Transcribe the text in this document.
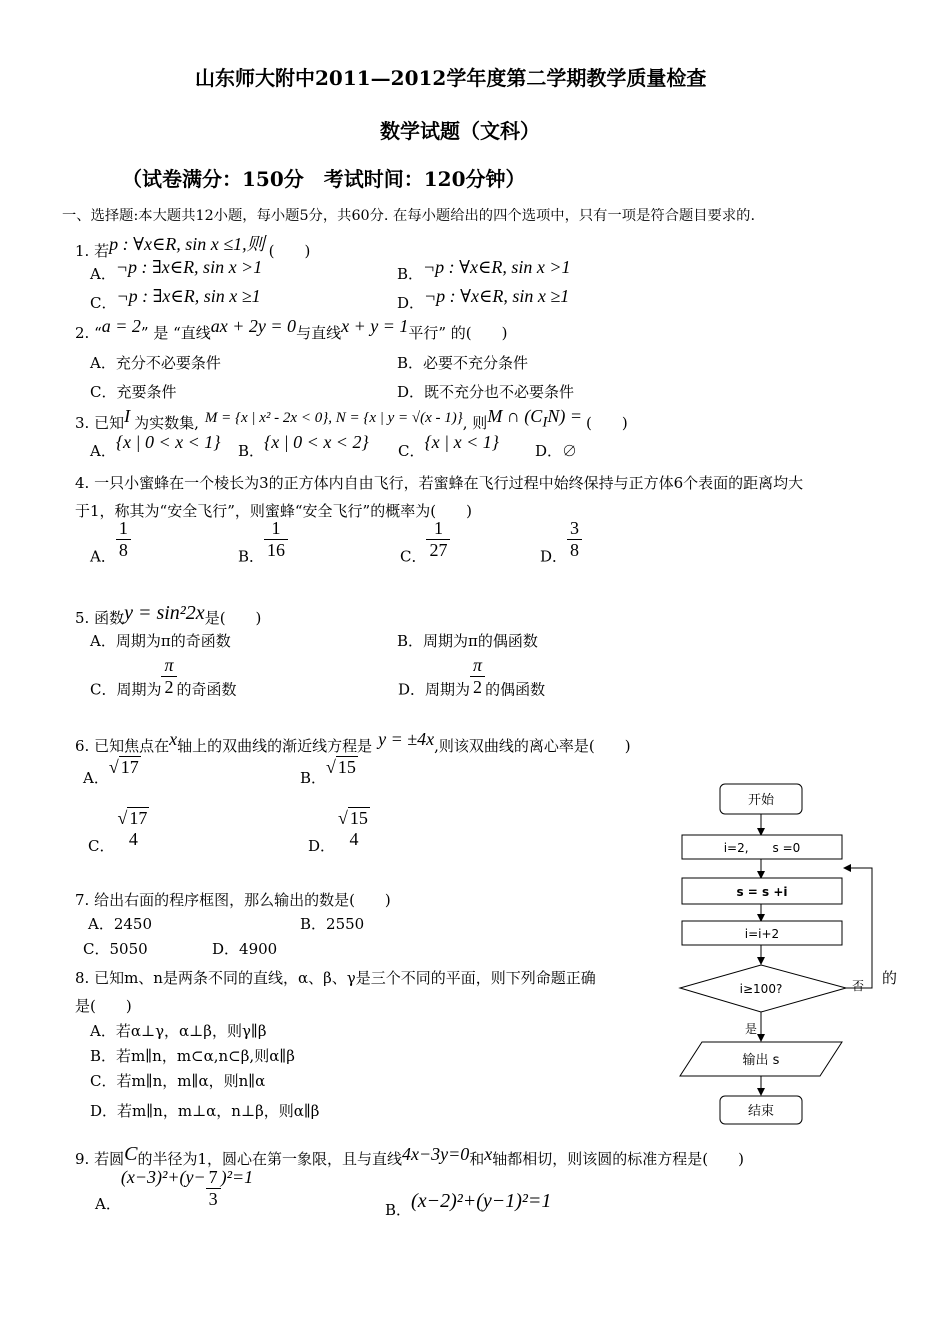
山东师大附中2011—2012学年度第二学期教学质量检查
数学试题（文科）
（试卷满分：150分　考试时间：120分钟）
一、选择题:本大题共12小题，每小题5分，共60分. 在每小题给出的四个选项中，只有一项是符合题目要求的.
1. 若p : ∀x∈R, sin x ≤1,则 (　　)
A．¬p : ∃x∈R, sin x >1	B．¬p : ∀x∈R, sin x >1
C．¬p : ∃x∈R, sin x ≥1	D．¬p : ∀x∈R, sin x ≥1
2. “a = 2” 是 “直线ax + 2y = 0与直线x + y = 1平行” 的(　　)
A．充分不必要条件	B．必要不充分条件
C．充要条件	D．既不充分也不必要条件
3. 已知I 为实数集, M = {x | x² - 2x < 0}, N = {x | y = √(x - 1)}, 则M ∩ $(C_IN)$ = (　　)
A．{x | 0 < x < 1} B．{x | 0 < x < 2} C．{x | x < 1} D．∅
4. 一只小蜜蜂在一个棱长为3的正方体内自由飞行，若蜜蜂在飞行过程中始终保持与正方体6个表面的距离均大
于1，称其为“安全飞行”，则蜜蜂“安全飞行”的概率为(　　)
A． $\frac{1}{8}$	B． $\frac{1}{16}$	C． $\frac{1}{27}$	D． $\frac{3}{8}$
5. 函数y = sin²2x是(　　)
A．周期为π的奇函数	B．周期为π的偶函数
C．周期为 $\frac{\pi}{2}$ 的奇函数	D．周期为 $\frac{\pi}{2}$ 的偶函数
6. 已知焦点在x轴上的双曲线的渐近线方程是 y = ±4x,则该双曲线的离心率是(　　)
A．√ 17
B．√ 15
C．
√ 17
4	D．
√ 15
4
7. 给出右面的程序框图，那么输出的数是(　　)
A．2450	B．2550
C．5050	D．4900
8. 已知m、n是两条不同的直线，α、β、γ是三个不同的平面，则下列命题正确	的
是(　　)
A．若α⊥γ，α⊥β，则γ∥β
B．若m∥n，m⊂α,n⊂β,则α∥β
C．若m∥n，m∥α，则n∥α
D．若m∥n，m⊥α，n⊥β，则α∥β
9. 若圆C的半径为1，圆心在第一象限，且与直线4x−3y=0和x轴都相切，则该圆的标准方程是(　　)
A．$(x-3)^2+(y- \frac{7}{3} )^2=1$
B．(x−2)²+(y−1)²=1
开始
i=2,　　s =0
s = s +i
i=i+2
i≥100?	否
是
输出 s
结束
